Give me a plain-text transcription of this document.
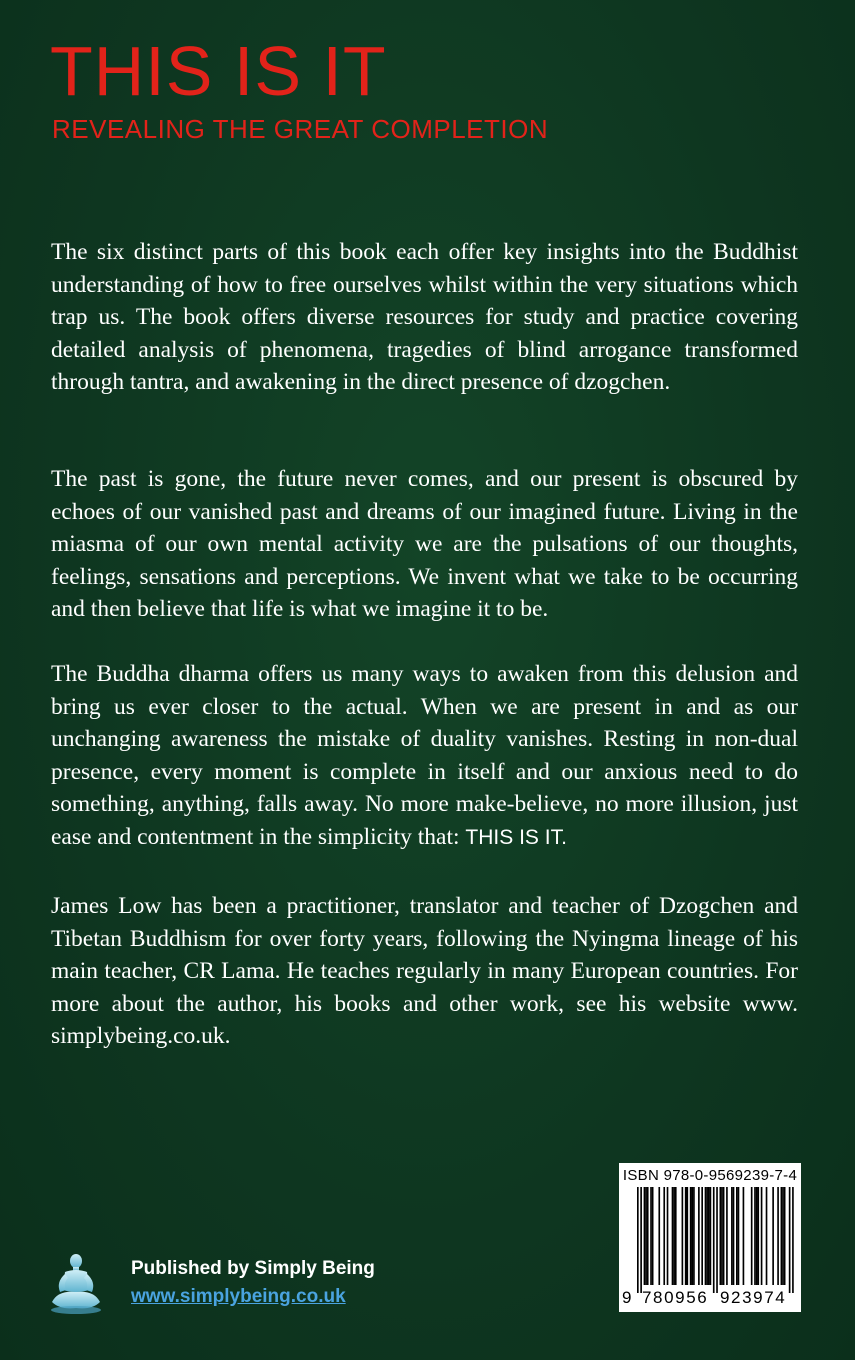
THIS IS IT
REVEALING THE GREAT COMPLETION

The six distinct parts of this book each offer key insights into the Buddhist understanding of how to free ourselves whilst within the very situations which trap us. The book offers diverse resources for study and practice covering detailed analysis of phenomena, tragedies of blind arrogance transformed through tantra, and awakening in the direct presence of dzogchen.

The past is gone, the future never comes, and our present is obscured by echoes of our vanished past and dreams of our imagined future. Living in the miasma of our own mental activity we are the pulsations of our thoughts, feelings, sensations and perceptions. We invent what we take to be occurring and then believe that life is what we imagine it to be.

The Buddha dharma offers us many ways to awaken from this delusion and bring us ever closer to the actual. When we are present in and as our unchanging awareness the mistake of duality vanishes. Resting in non-dual presence, every moment is complete in itself and our anxious need to do something, anything, falls away. No more make-believe, no more illusion, just ease and contentment in the simplicity that: THIS IS IT.

James Low has been a practitioner, translator and teacher of Dzogchen and Tibetan Buddhism for over forty years, following the Nyingma lineage of his main teacher, CR Lama. He teaches regularly in many European countries. For more about the author, his books and other work, see his website www. simplybeing.co.uk.

Published by Simply Being
www.simplybeing.co.uk
ISBN 978-0-9569239-7-4
9 780956 923974
